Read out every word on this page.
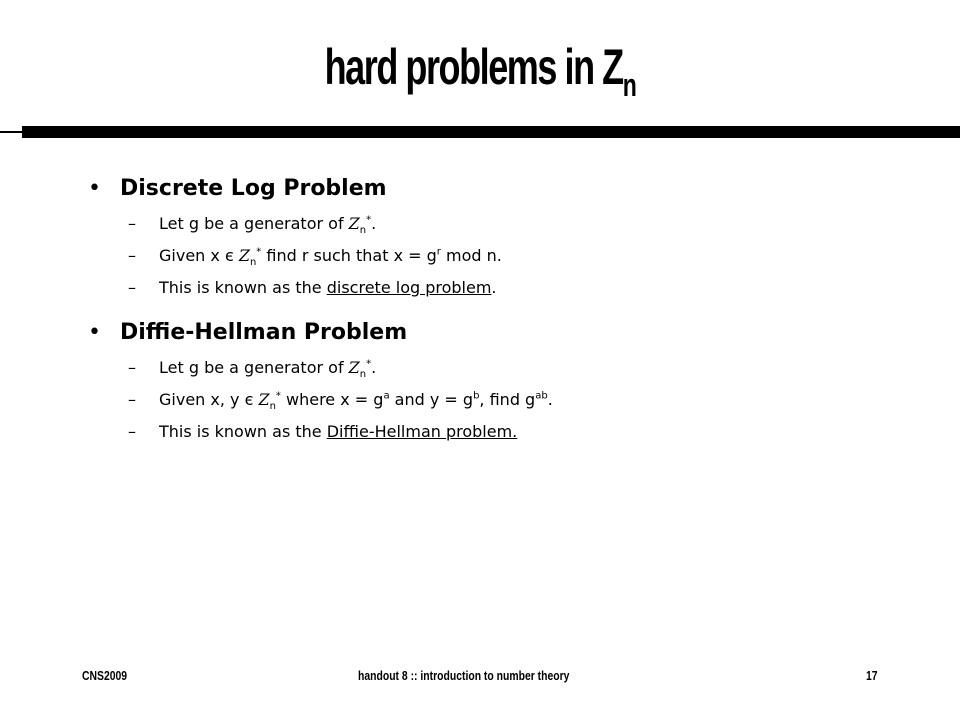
hard problems in $Z_n$
• Discrete Log Problem
– Let g be a generator of $Z_n^*$.
– Given x є $Z_n^*$ find r such that $x = g^r$ mod n.
– This is known as the discrete log problem.
• Diffie-Hellman Problem
– Let g be a generator of $Z_n^*$.
– Given x, y є $Z_n^*$ where $x = g^a$ and $y = g^b$, find $g^{ab}$.
– This is known as the Diffie-Hellman problem.
CNS2009	handout 8 :: introduction to number theory	17
